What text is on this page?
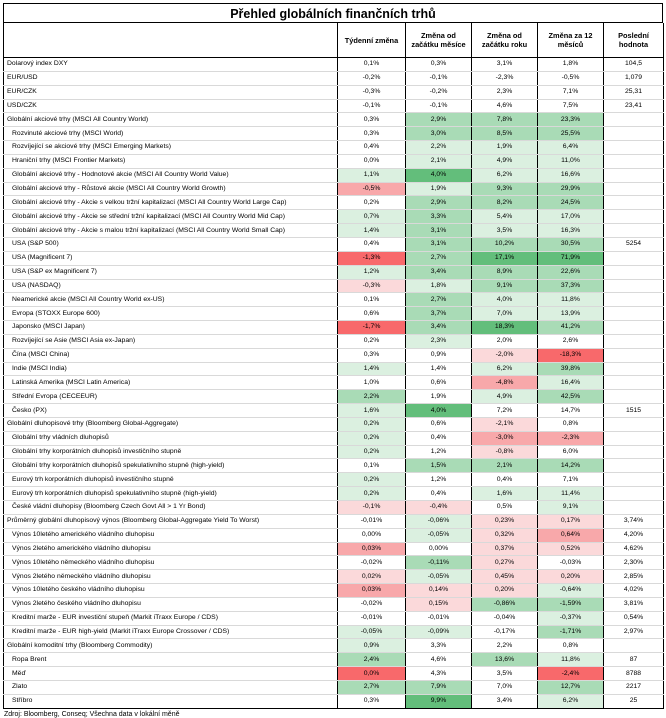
Přehled globálních finančních trhů
	Týdenní změna	Změna od začátku měsíce	Změna od začátku roku	Změna za 12 měsíců	Poslední hodnota
Dolarový index DXY	0,1%	0,3%	3,1%	1,8%	104,5
EUR/USD	-0,2%	-0,1%	-2,3%	-0,5%	1,079
EUR/CZK	-0,3%	-0,2%	2,3%	7,1%	25,31
USD/CZK	-0,1%	-0,1%	4,6%	7,5%	23,41
Globální akciové trhy (MSCI All Country World)	0,3%	2,9%	7,8%	23,3%	
Rozvinuté akciové trhy (MSCI World)	0,3%	3,0%	8,5%	25,5%	
Rozvíjející se akciové trhy (MSCI Emerging Markets)	0,4%	2,2%	1,9%	6,4%	
Hraniční trhy (MSCI Frontier Markets)	0,0%	2,1%	4,9%	11,0%	
Globální akciové trhy - Hodnotové akcie (MSCI All Country World Value)	1,1%	4,0%	6,2%	16,6%	
Globální akciové trhy - Růstové akcie (MSCI All Country World Growth)	-0,5%	1,9%	9,3%	29,9%	
Globální akciové trhy - Akcie s velkou tržní kapitalizací (MSCI All Country World Large Cap)	0,2%	2,9%	8,2%	24,5%	
Globální akciové trhy - Akcie se střední tržní kapitalizací (MSCI All Country World Mid Cap)	0,7%	3,3%	5,4%	17,0%	
Globální akciové trhy - Akcie s malou tržní kapitalizací (MSCI All Country World Small Cap)	1,4%	3,1%	3,5%	16,3%	
USA (S&P 500)	0,4%	3,1%	10,2%	30,5%	5254
USA (Magnificent 7)	-1,3%	2,7%	17,1%	71,9%	
USA (S&P ex Magnificent 7)	1,2%	3,4%	8,9%	22,6%	
USA (NASDAQ)	-0,3%	1,8%	9,1%	37,3%	
Neamerické akcie (MSCI All Country World ex-US)	0,1%	2,7%	4,0%	11,8%	
Evropa (STOXX Europe 600)	0,6%	3,7%	7,0%	13,9%	
Japonsko (MSCI Japan)	-1,7%	3,4%	18,3%	41,2%	
Rozvíjející se Asie (MSCI Asia ex-Japan)	0,2%	2,3%	2,0%	2,6%	
Čína (MSCI China)	0,3%	0,9%	-2,0%	-18,3%	
Indie (MSCI India)	1,4%	1,4%	6,2%	39,8%	
Latinská Amerika (MSCI Latin America)	1,0%	0,6%	-4,8%	16,4%	
Střední Evropa (CECEEUR)	2,2%	1,9%	4,9%	42,5%	
Česko (PX)	1,6%	4,0%	7,2%	14,7%	1515
Globální dluhopisové trhy (Bloomberg Global-Aggregate)	0,2%	0,6%	-2,1%	0,8%	
Globální trhy vládních dluhopisů	0,2%	0,4%	-3,0%	-2,3%	
Globální trhy korporátních dluhopisů investičního stupně	0,2%	1,2%	-0,8%	6,0%	
Globální trhy korporátních dluhopisů spekulativního stupně (high-yield)	0,1%	1,5%	2,1%	14,2%	
Eurový trh korporátních dluhopisů investičního stupně	0,2%	1,2%	0,4%	7,1%	
Eurový trh korporátních dluhopisů spekulativního stupně (high-yield)	0,2%	0,4%	1,6%	11,4%	
České vládní dluhopisy (Bloomberg Czech Govt All > 1 Yr Bond)	-0,1%	-0,4%	0,5%	9,1%	
Průměrný globální dluhopisový výnos (Bloomberg Global-Aggregate Yield To Worst)	-0,01%	-0,06%	0,23%	0,17%	3,74%
Výnos 10letého amerického vládního dluhopisu	0,00%	-0,05%	0,32%	0,64%	4,20%
Výnos 2letého amerického vládního dluhopisu	0,03%	0,00%	0,37%	0,52%	4,62%
Výnos 10letého německého vládního dluhopisu	-0,02%	-0,11%	0,27%	-0,03%	2,30%
Výnos 2letého německého vládního dluhopisu	0,02%	-0,05%	0,45%	0,20%	2,85%
Výnos 10letého českého vládního dluhopisu	0,03%	0,14%	0,20%	-0,64%	4,02%
Výnos 2letého českého vládního dluhopisu	-0,02%	0,15%	-0,86%	-1,59%	3,81%
Kreditní marže - EUR investiční stupeň (Markit iTraxx Europe / CDS)	-0,01%	-0,01%	-0,04%	-0,37%	0,54%
Kreditní marže - EUR high-yield (Markit iTraxx Europe Crossover / CDS)	-0,05%	-0,09%	-0,17%	-1,71%	2,97%
Globální komoditní trhy (Bloomberg Commodity)	0,9%	3,3%	2,2%	0,8%	
Ropa Brent	2,4%	4,6%	13,6%	11,8%	87
Měď	0,0%	4,3%	3,5%	-2,4%	8788
Zlato	2,7%	7,9%	7,0%	12,7%	2217
Stříbro	0,3%	9,9%	3,4%	6,2%	25
Zdroj: Bloomberg, Conseq; Všechna data v lokální měně
